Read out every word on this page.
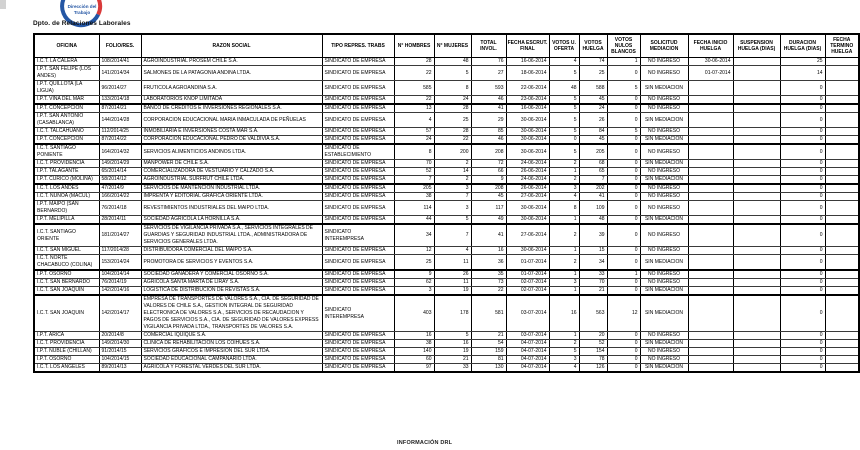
Dirección del
Trabajo
Dpto. de Relaciones Laborales
OFICINA	FOLIO/RES.	RAZON SOCIAL	TIPO REPRES. TRABS	N° HOMBRES	N° MUJERES	TOTAL INVOL.	FECHA ESCRUT. FINAL	VOTOS U. OFERTA	VOTOS HUELGA	VOTOS NULOS BLANCOS	SOLICITUD MEDIACION	FECHA INICIO HUELGA	SUSPENSION HUELGA (DIAS)	DURACION HUELGA (DIAS)	FECHA TERMINO HUELGA
I.C.T. LA CALERA	108/2014/41	AGROINDUSTRIAL PROSEM CHILE S.A.	SINDICATO DE EMPRESA	28	48	76	16-06-2014	4	74	1	NO INGRESO	30-06-2014		25	
I.P.T. SAN FELIPE (LOS ANDES)	141/2014/34	SALMONES DE LA PATAGONIA ANDINA LTDA.	SINDICATO DE EMPRESA	22	5	27	18-06-2014	5	25	0	NO INGRESO	01-07-2014		14	
I.P.T. QUILLOTA (LA LIGUA)	96/2014/27	FRUTICOLA AGROANDINA S.A.	SINDICATO DE EMPRESA	585	8	593	22-06-2014	48	588	5	SIN MEDIACION			0	
I.P.T. VIÑA DEL MAR	133/2014/18	LABORATORIOS KNOP LIMITADA	SINDICATO DE EMPRESA	22	24	46	23-06-2014	5	45	0	NO INGRESO			0	
I.P.T. CONCEPCION	87/2014/21	BANCO DE CREDITOS E INVERSIONES REGIONALES S.A.	SINDICATO DE EMPRESA	13	28	41	16-06-2014	5	24	0	NO INGRESO			0	
I.P.T. SAN ANTONIO (CASABLANCA)	144/2014/28	CORPORACION EDUCACIONAL MARIA INMACULADA DE PEÑUELAS	SINDICATO DE EMPRESA	4	25	29	30-06-2014	5	26	0	SIN MEDIACION			0	
I.C.T. TALCAHUANO	112/2014/25	INMOBILIARIA E INVERSIONES COSTA MAR S.A.	SINDICATO DE EMPRESA	57	28	85	30-06-2014	5	84	5	NO INGRESO			0	
I.P.T. CONCEPCION	87/2014/22	CORPORACION EDUCACIONAL PEDRO DE VALDIVIA S.A.	SINDICATO DE EMPRESA	24	22	46	30-06-2014	0	45	0	SIN MEDIACION			0	
I.C.T. SANTIAGO PONIENTE	164/2014/32	SERVICIOS ALIMENTICIOS ANDINOS LTDA.	SINDICATO DE ESTABLECIMIENTO	8	200	208	30-06-2014	5	205	0	NO INGRESO			0	
I.C.T. PROVIDENCIA	149/2014/29	MANPOWER DE CHILE S.A.	SINDICATO DE EMPRESA	70	2	72	24-06-2014	2	68	0	SIN MEDIACION			0	
I.P.T. TALAGANTE	65/2014/14	COMERCIALIZADORA DE VESTUARIO Y CALZADO S.A.	SINDICATO DE EMPRESA	52	14	66	26-06-2014	1	65	0	NO INGRESO			0	
I.P.T. CURICO (MOLINA)	58/2014/12	AGROINDUSTRIAL SURFRUT CHILE LTDA.	SINDICATO DE EMPRESA	7	2	9	24-06-2014	2	7	0	SIN MEDIACION			0	
I.C.T. LOS ANDES	47/2014/9	SERVICIOS DE MANTENCION INDUSTRIAL LTDA.	SINDICATO DE EMPRESA	205	3	208	26-06-2014	3	202	0	NO INGRESO			0	
I.C.T. ÑUÑOA (MACUL)	166/2014/22	IMPRENTA Y EDITORIAL GRAFICA ORIENTE LTDA.	SINDICATO DE EMPRESA	38	7	45	27-06-2014	4	41	0	NO INGRESO			0	
I.P.T. MAIPO (SAN BERNARDO)	76/2014/18	REVESTIMIENTOS INDUSTRIALES DEL MAIPO LTDA.	SINDICATO DE EMPRESA	114	3	117	30-06-2014	8	109	0	NO INGRESO			0	
I.P.T. MELIPILLA	28/2014/11	SOCIEDAD AGRICOLA LA HORNILLA S.A.	SINDICATO DE EMPRESA	44	5	49	30-06-2014	1	48	0	SIN MEDIACION			0	
I.C.T. SANTIAGO ORIENTE	181/2014/27	SERVICIOS DE VIGILANCIA PRIVADA S.A., SERVICIOS INTEGRALES DE GUARDIAS Y SEGURIDAD INDUSTRIAL LTDA., ADMINISTRADORA DE SERVICIOS GENERALES LTDA.	SINDICATO INTEREMPRESA	34	7	41	27-06-2014	2	39	0	NO INGRESO			0	
I.C.T. SAN MIGUEL	117/2014/28	DISTRIBUIDORA COMERCIAL DEL MAIPO S.A.	SINDICATO DE EMPRESA	12	4	16	30-06-2014	1	15	0	NO INGRESO			0	
I.C.T. NORTE CHACABUCO (COLINA)	153/2014/24	PROMOTORA DE SERVICIOS Y EVENTOS S.A.	SINDICATO DE EMPRESA	25	11	36	01-07-2014	2	34	0	SIN MEDIACION			0	
I.P.T. OSORNO	104/2014/14	SOCIEDAD GANADERA Y COMERCIAL OSORNO S.A.	SINDICATO DE EMPRESA	9	26	35	01-07-2014	1	33	1	NO INGRESO			0	
I.C.T. SAN BERNARDO	76/2014/19	AGRICOLA SANTA MARTA DE LIRAY S.A.	SINDICATO DE EMPRESA	62	11	73	02-07-2014	3	70	0	NO INGRESO			0	
I.C.T. SAN JOAQUIN	142/2014/16	LOGISTICA DE DISTRIBUCION DE REVISTAS S.A.	SINDICATO DE EMPRESA	3	19	22	02-07-2014	1	21	0	SIN MEDIACION			0	
I.C.T. SAN JOAQUIN	142/2014/17	EMPRESA DE TRANSPORTES DE VALORES S.A., CIA. DE SEGURIDAD DE VALORES DE CHILE S.A., GESTION INTEGRAL DE SEGURIDAD ELECTRONICA DE VALORES S.A., SERVICIOS DE RECAUDACION Y PAGOS DE SERVICIOS S.A., CIA. DE SEGURIDAD DE VALORES EXPRESS VIGILANCIA PRIVADA LTDA., TRANSPORTES DE VALORES S.A.	SINDICATO INTEREMPRESA	403	178	581	03-07-2014	16	563	12	SIN MEDIACION			0	
I.P.T. ARICA	20/2014/8	COMERCIAL IQUIQUE S.A.	SINDICATO DE EMPRESA	16	5	21	03-07-2014	1	20	0	NO INGRESO			0	
I.C.T. PROVIDENCIA	149/2014/30	CLINICA DE REHABILITACION LOS COIHUES S.A.	SINDICATO DE EMPRESA	38	16	54	04-07-2014	2	52	0	SIN MEDIACION			0	
I.P.T. ÑUBLE (CHILLAN)	91/2014/15	SERVICIOS GRAFICOS E IMPRESION DEL SUR LTDA.	SINDICATO DE EMPRESA	140	19	159	04-07-2014	5	154	0	NO INGRESO			0	
I.P.T. OSORNO	104/2014/15	SOCIEDAD EDUCACIONAL CAMPANARIO LTDA.	SINDICATO DE EMPRESA	60	21	81	04-07-2014	3	78	0	NO INGRESO			0	
I.C.T. LOS ANGELES	89/2014/13	AGRICOLA Y FORESTAL VERDES DEL SUR LTDA.	SINDICATO DE EMPRESA	97	33	130	04-07-2014	4	126	0	SIN MEDIACION			0	
INFORMACIÓN DRL
